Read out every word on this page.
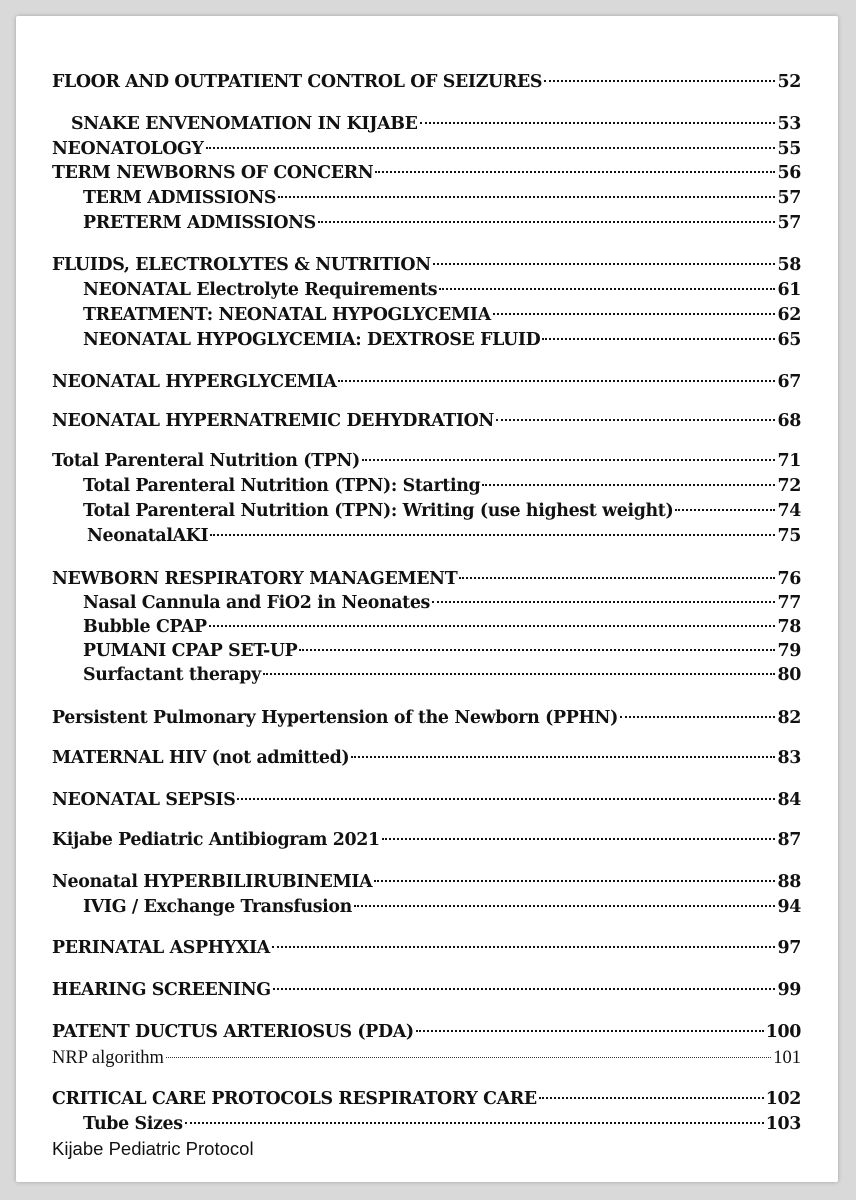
FLOOR AND OUTPATIENT CONTROL OF SEIZURES	52
SNAKE ENVENOMATION IN KIJABE	53
NEONATOLOGY	55
TERM NEWBORNS OF CONCERN	56
TERM ADMISSIONS	57
PRETERM ADMISSIONS	57
FLUIDS, ELECTROLYTES & NUTRITION	58
NEONATAL Electrolyte Requirements	61
TREATMENT: NEONATAL HYPOGLYCEMIA	62
NEONATAL HYPOGLYCEMIA: DEXTROSE FLUID	65
NEONATAL HYPERGLYCEMIA	67
NEONATAL HYPERNATREMIC DEHYDRATION	68
Total Parenteral Nutrition (TPN)	71
Total Parenteral Nutrition (TPN): Starting	72
Total Parenteral Nutrition (TPN): Writing (use highest weight)	74
NeonatalAKI	75
NEWBORN RESPIRATORY MANAGEMENT	76
Nasal Cannula and FiO2 in Neonates	77
Bubble CPAP	78
PUMANI CPAP SET-UP	79
Surfactant therapy	80
Persistent Pulmonary Hypertension of the Newborn (PPHN)	82
MATERNAL HIV (not admitted)	83
NEONATAL SEPSIS	84
Kijabe Pediatric Antibiogram 2021	87
Neonatal HYPERBILIRUBINEMIA	88
IVIG / Exchange Transfusion	94
PERINATAL ASPHYXIA	97
HEARING SCREENING	99
PATENT DUCTUS ARTERIOSUS (PDA)	100
NRP algorithm	101
CRITICAL CARE PROTOCOLS RESPIRATORY CARE	102
Tube Sizes	103
Kijabe Pediatric Protocol
